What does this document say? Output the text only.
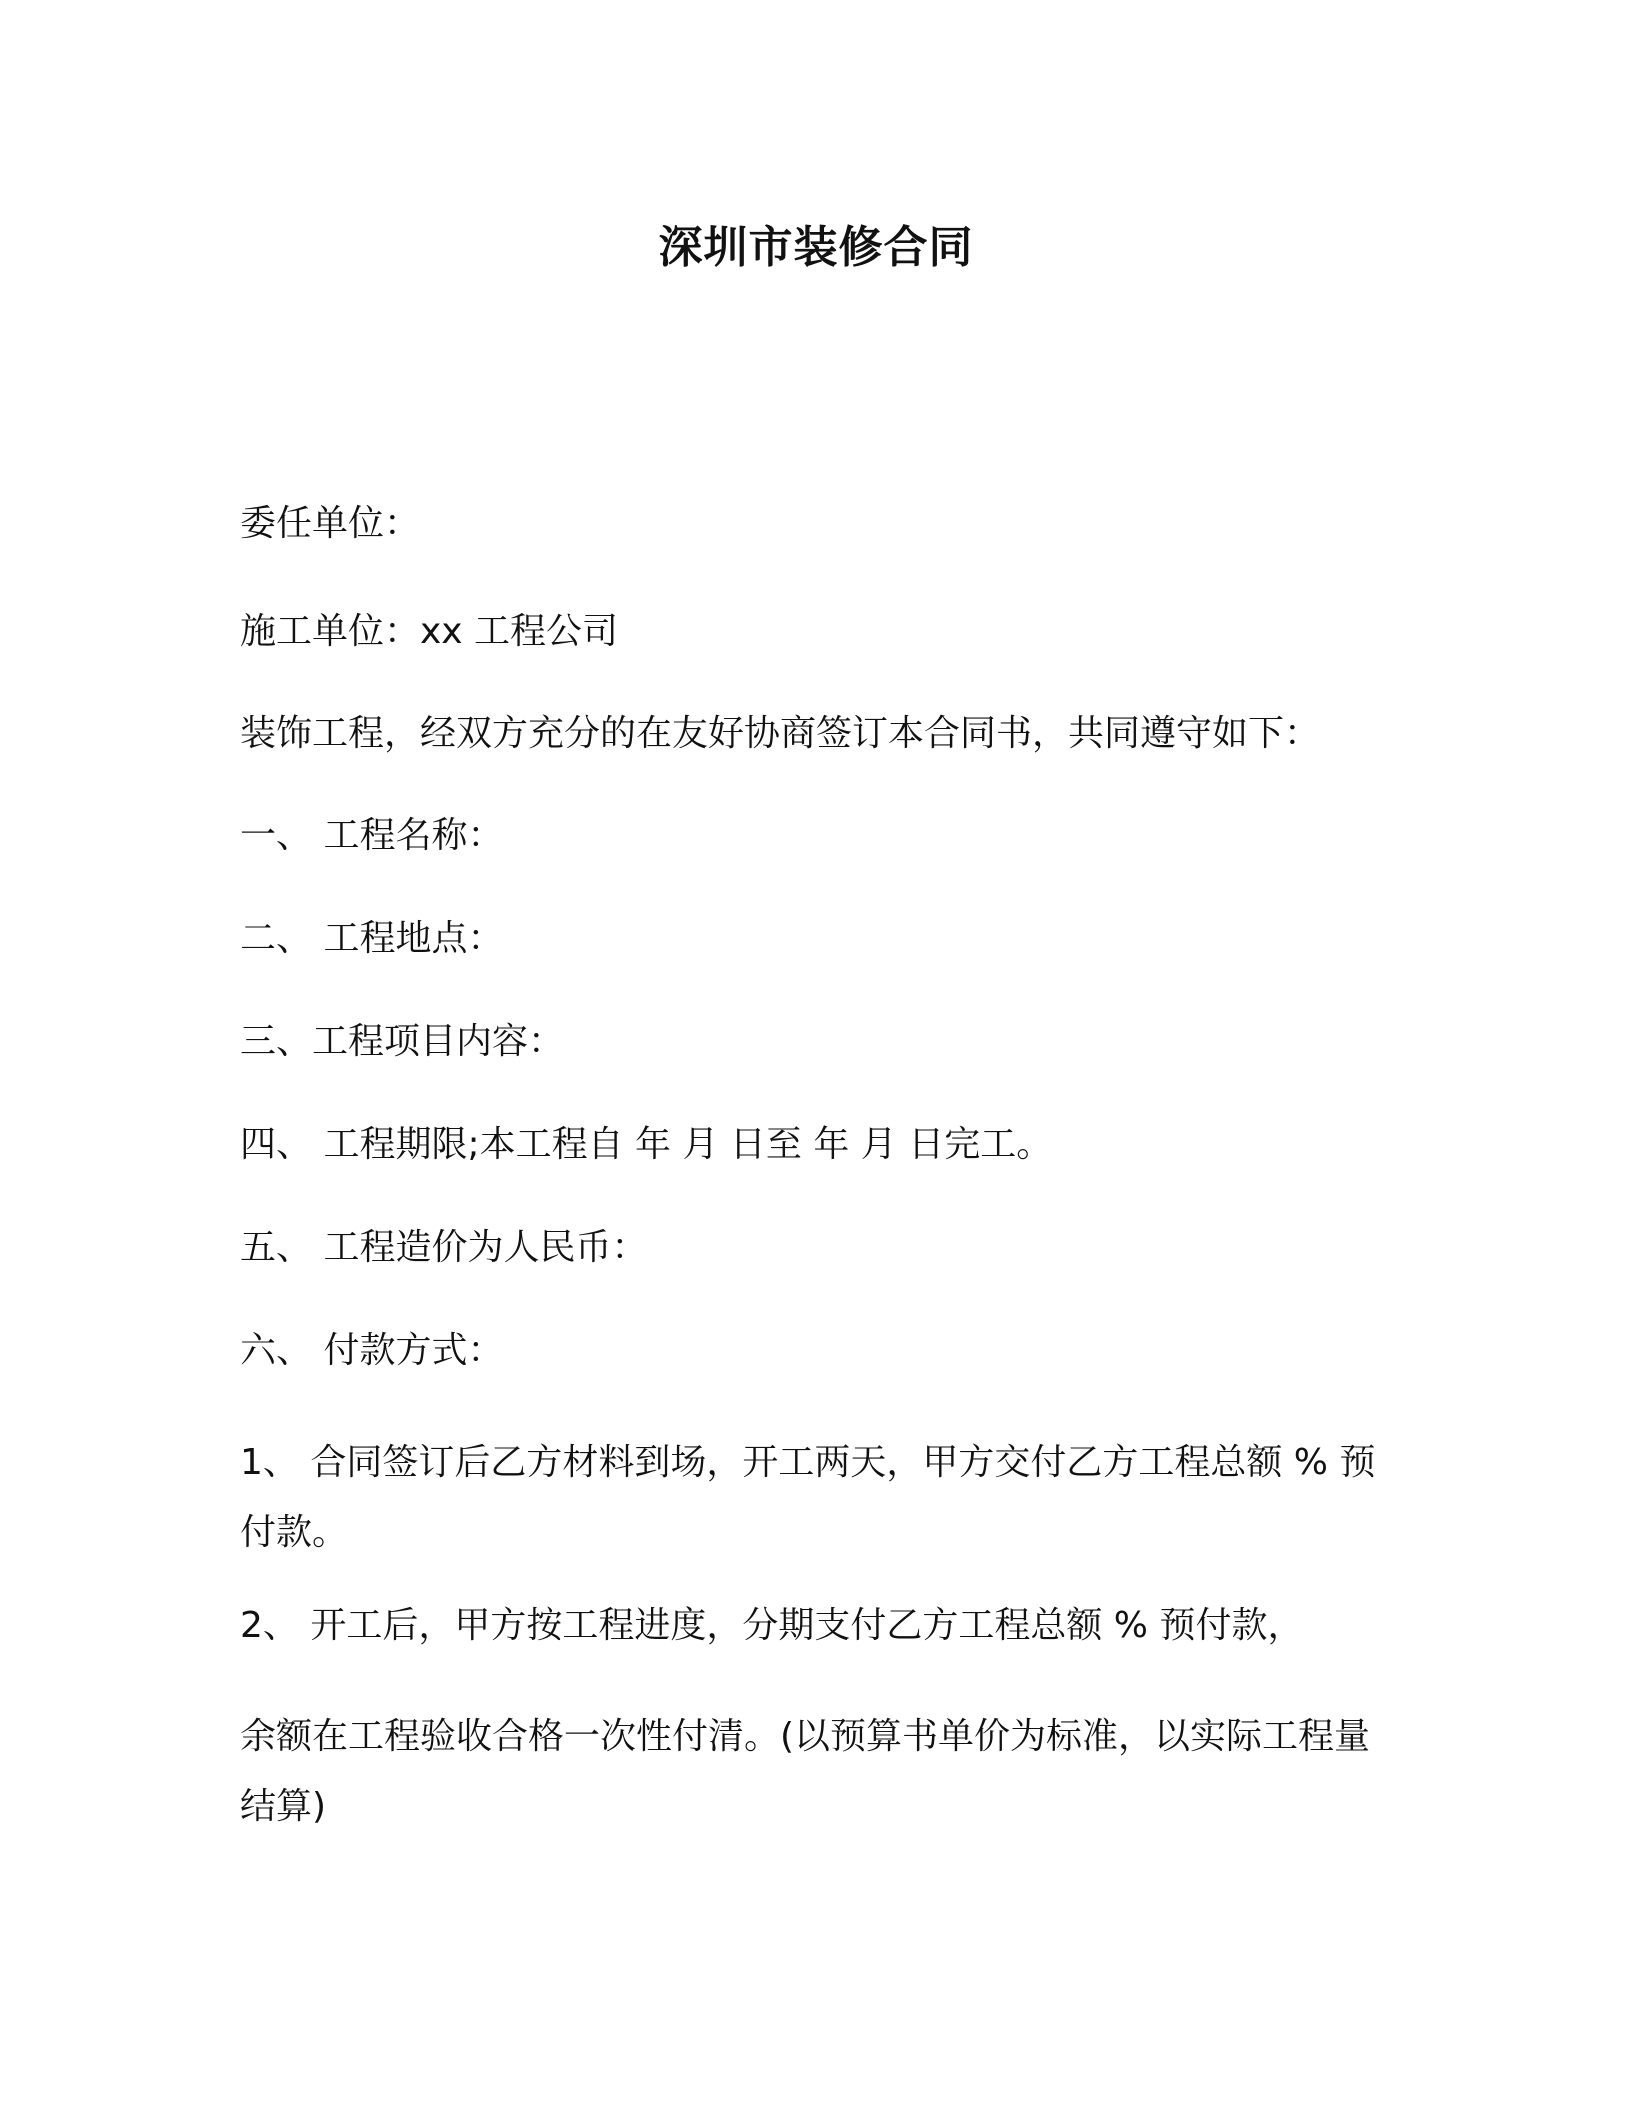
深圳市装修合同
委任单位：
施工单位：xx 工程公司
装饰工程，经双方充分的在友好协商签订本合同书，共同遵守如下：
一、 工程名称：
二、 工程地点：
三、工程项目内容：
四、 工程期限;本工程自 年 月 日至 年 月 日完工。
五、 工程造价为人民币：
六、 付款方式：
1、 合同签订后乙方材料到场，开工两天，甲方交付乙方工程总额 % 预付款。
2、 开工后，甲方按工程进度，分期支付乙方工程总额 % 预付款，
余额在工程验收合格一次性付清。(以预算书单价为标准，以实际工程量结算)
